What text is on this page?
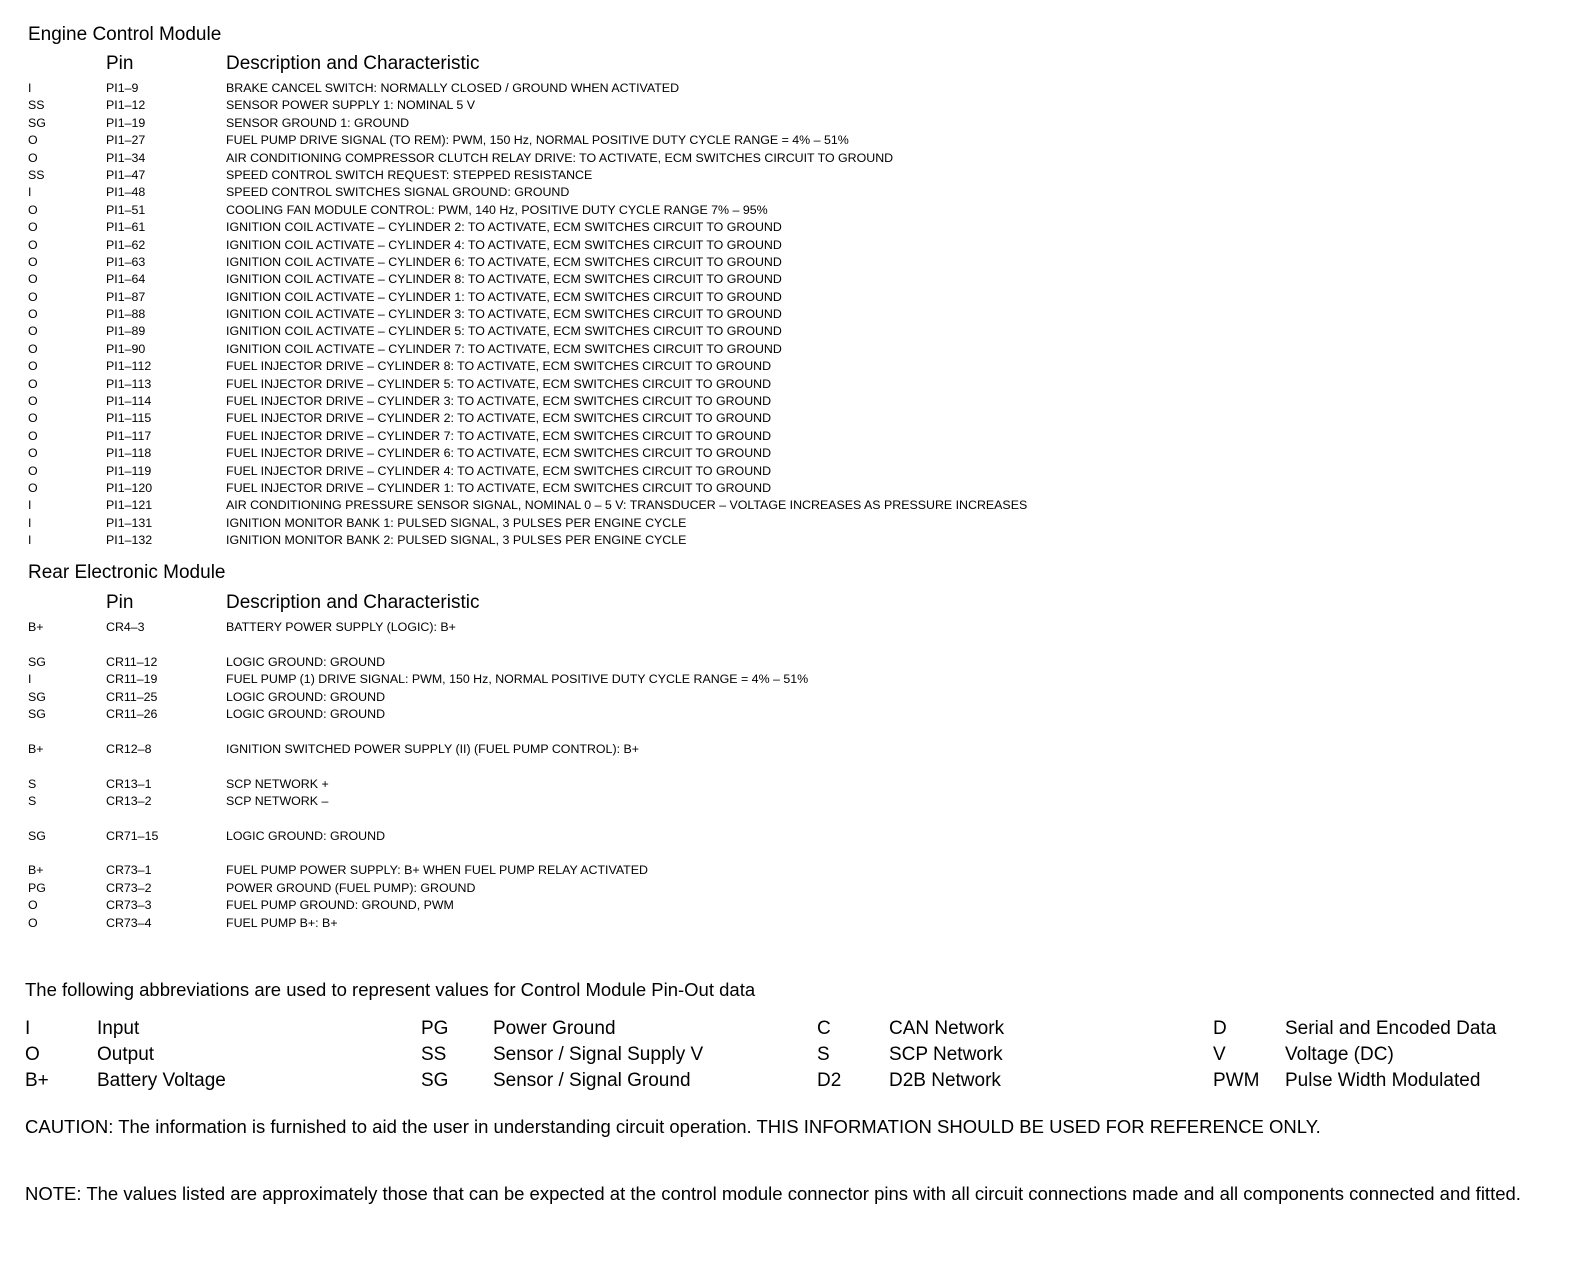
Engine Control Module
Pin	Description and Characteristic
I	PI1–9	BRAKE CANCEL SWITCH: NORMALLY CLOSED / GROUND WHEN ACTIVATED
SS	PI1–12	SENSOR POWER SUPPLY 1: NOMINAL 5 V
SG	PI1–19	SENSOR GROUND 1: GROUND
O	PI1–27	FUEL PUMP DRIVE SIGNAL (TO REM): PWM, 150 Hz, NORMAL POSITIVE DUTY CYCLE RANGE = 4% – 51%
O	PI1–34	AIR CONDITIONING COMPRESSOR CLUTCH RELAY DRIVE: TO ACTIVATE, ECM SWITCHES CIRCUIT TO GROUND
SS	PI1–47	SPEED CONTROL SWITCH REQUEST: STEPPED RESISTANCE
I	PI1–48	SPEED CONTROL SWITCHES SIGNAL GROUND: GROUND
O	PI1–51	COOLING FAN MODULE CONTROL: PWM, 140 Hz, POSITIVE DUTY CYCLE RANGE 7% – 95%
O	PI1–61	IGNITION COIL ACTIVATE – CYLINDER 2: TO ACTIVATE, ECM SWITCHES CIRCUIT TO GROUND
O	PI1–62	IGNITION COIL ACTIVATE – CYLINDER 4: TO ACTIVATE, ECM SWITCHES CIRCUIT TO GROUND
O	PI1–63	IGNITION COIL ACTIVATE – CYLINDER 6: TO ACTIVATE, ECM SWITCHES CIRCUIT TO GROUND
O	PI1–64	IGNITION COIL ACTIVATE – CYLINDER 8: TO ACTIVATE, ECM SWITCHES CIRCUIT TO GROUND
O	PI1–87	IGNITION COIL ACTIVATE – CYLINDER 1: TO ACTIVATE, ECM SWITCHES CIRCUIT TO GROUND
O	PI1–88	IGNITION COIL ACTIVATE – CYLINDER 3: TO ACTIVATE, ECM SWITCHES CIRCUIT TO GROUND
O	PI1–89	IGNITION COIL ACTIVATE – CYLINDER 5: TO ACTIVATE, ECM SWITCHES CIRCUIT TO GROUND
O	PI1–90	IGNITION COIL ACTIVATE – CYLINDER 7: TO ACTIVATE, ECM SWITCHES CIRCUIT TO GROUND
O	PI1–112	FUEL INJECTOR DRIVE – CYLINDER 8: TO ACTIVATE, ECM SWITCHES CIRCUIT TO GROUND
O	PI1–113	FUEL INJECTOR DRIVE – CYLINDER 5: TO ACTIVATE, ECM SWITCHES CIRCUIT TO GROUND
O	PI1–114	FUEL INJECTOR DRIVE – CYLINDER 3: TO ACTIVATE, ECM SWITCHES CIRCUIT TO GROUND
O	PI1–115	FUEL INJECTOR DRIVE – CYLINDER 2: TO ACTIVATE, ECM SWITCHES CIRCUIT TO GROUND
O	PI1–117	FUEL INJECTOR DRIVE – CYLINDER 7: TO ACTIVATE, ECM SWITCHES CIRCUIT TO GROUND
O	PI1–118	FUEL INJECTOR DRIVE – CYLINDER 6: TO ACTIVATE, ECM SWITCHES CIRCUIT TO GROUND
O	PI1–119	FUEL INJECTOR DRIVE – CYLINDER 4: TO ACTIVATE, ECM SWITCHES CIRCUIT TO GROUND
O	PI1–120	FUEL INJECTOR DRIVE – CYLINDER 1: TO ACTIVATE, ECM SWITCHES CIRCUIT TO GROUND
I	PI1–121	AIR CONDITIONING PRESSURE SENSOR SIGNAL, NOMINAL 0 – 5 V: TRANSDUCER – VOLTAGE INCREASES AS PRESSURE INCREASES
I	PI1–131	IGNITION MONITOR BANK 1: PULSED SIGNAL, 3 PULSES PER ENGINE CYCLE
I	PI1–132	IGNITION MONITOR BANK 2: PULSED SIGNAL, 3 PULSES PER ENGINE CYCLE
Rear Electronic Module
Pin	Description and Characteristic
B+	CR4–3	BATTERY POWER SUPPLY (LOGIC): B+
SG	CR11–12	LOGIC GROUND: GROUND
I	CR11–19	FUEL PUMP (1) DRIVE SIGNAL: PWM, 150 Hz, NORMAL POSITIVE DUTY CYCLE RANGE = 4% – 51%
SG	CR11–25	LOGIC GROUND: GROUND
SG	CR11–26	LOGIC GROUND: GROUND
B+	CR12–8	IGNITION SWITCHED POWER SUPPLY (II) (FUEL PUMP CONTROL): B+
S	CR13–1	SCP NETWORK +
S	CR13–2	SCP NETWORK –
SG	CR71–15	LOGIC GROUND: GROUND
B+	CR73–1	FUEL PUMP POWER SUPPLY: B+ WHEN FUEL PUMP RELAY ACTIVATED
PG	CR73–2	POWER GROUND (FUEL PUMP): GROUND
O	CR73–3	FUEL PUMP GROUND: GROUND, PWM
O	CR73–4	FUEL PUMP B+: B+
The following abbreviations are used to represent values for Control Module Pin-Out data
I	Input	PG Power Ground	C	CAN Network	D	Serial and Encoded Data
O	Output	SS Sensor / Signal Supply V	S	SCP Network	V	Voltage (DC)
B+	Battery Voltage	SG Sensor / Signal Ground	D2	D2B Network	PWM Pulse Width Modulated
CAUTION: The information is furnished to aid the user in understanding circuit operation. THIS INFORMATION SHOULD BE USED FOR REFERENCE ONLY.
NOTE: The values listed are approximately those that can be expected at the control module connector pins with all circuit connections made and all components connected and fitted.
